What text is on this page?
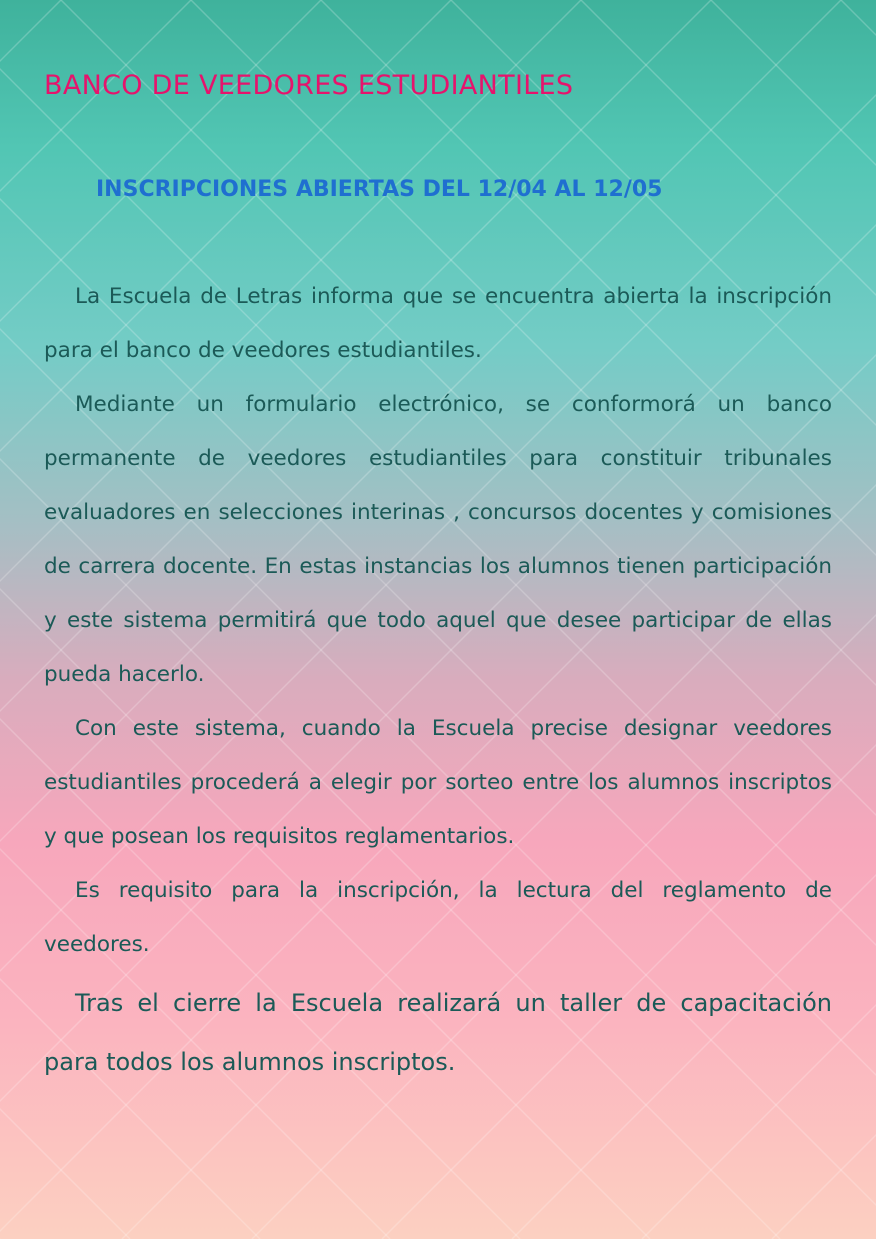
BANCO DE VEEDORES ESTUDIANTILES
INSCRIPCIONES ABIERTAS DEL 12/04 AL 12/05

La Escuela de Letras informa que se encuentra abierta la inscripción para el banco de veedores estudiantiles.

Mediante un formulario electrónico, se conformorá un banco permanente de veedores estudiantiles para constituir tribunales evaluadores en selecciones interinas , concursos docentes y comisiones de carrera docente. En estas instancias los alumnos tienen participación y este sistema permitirá que todo aquel que desee participar de ellas pueda hacerlo.

Con este sistema, cuando la Escuela precise designar veedores estudiantiles procederá a elegir por sorteo entre los alumnos inscriptos y que posean los requisitos reglamentarios.

Es requisito para la inscripción, la lectura del reglamento de veedores.

Tras el cierre la Escuela realizará un taller de capacitación para todos los alumnos inscriptos.
